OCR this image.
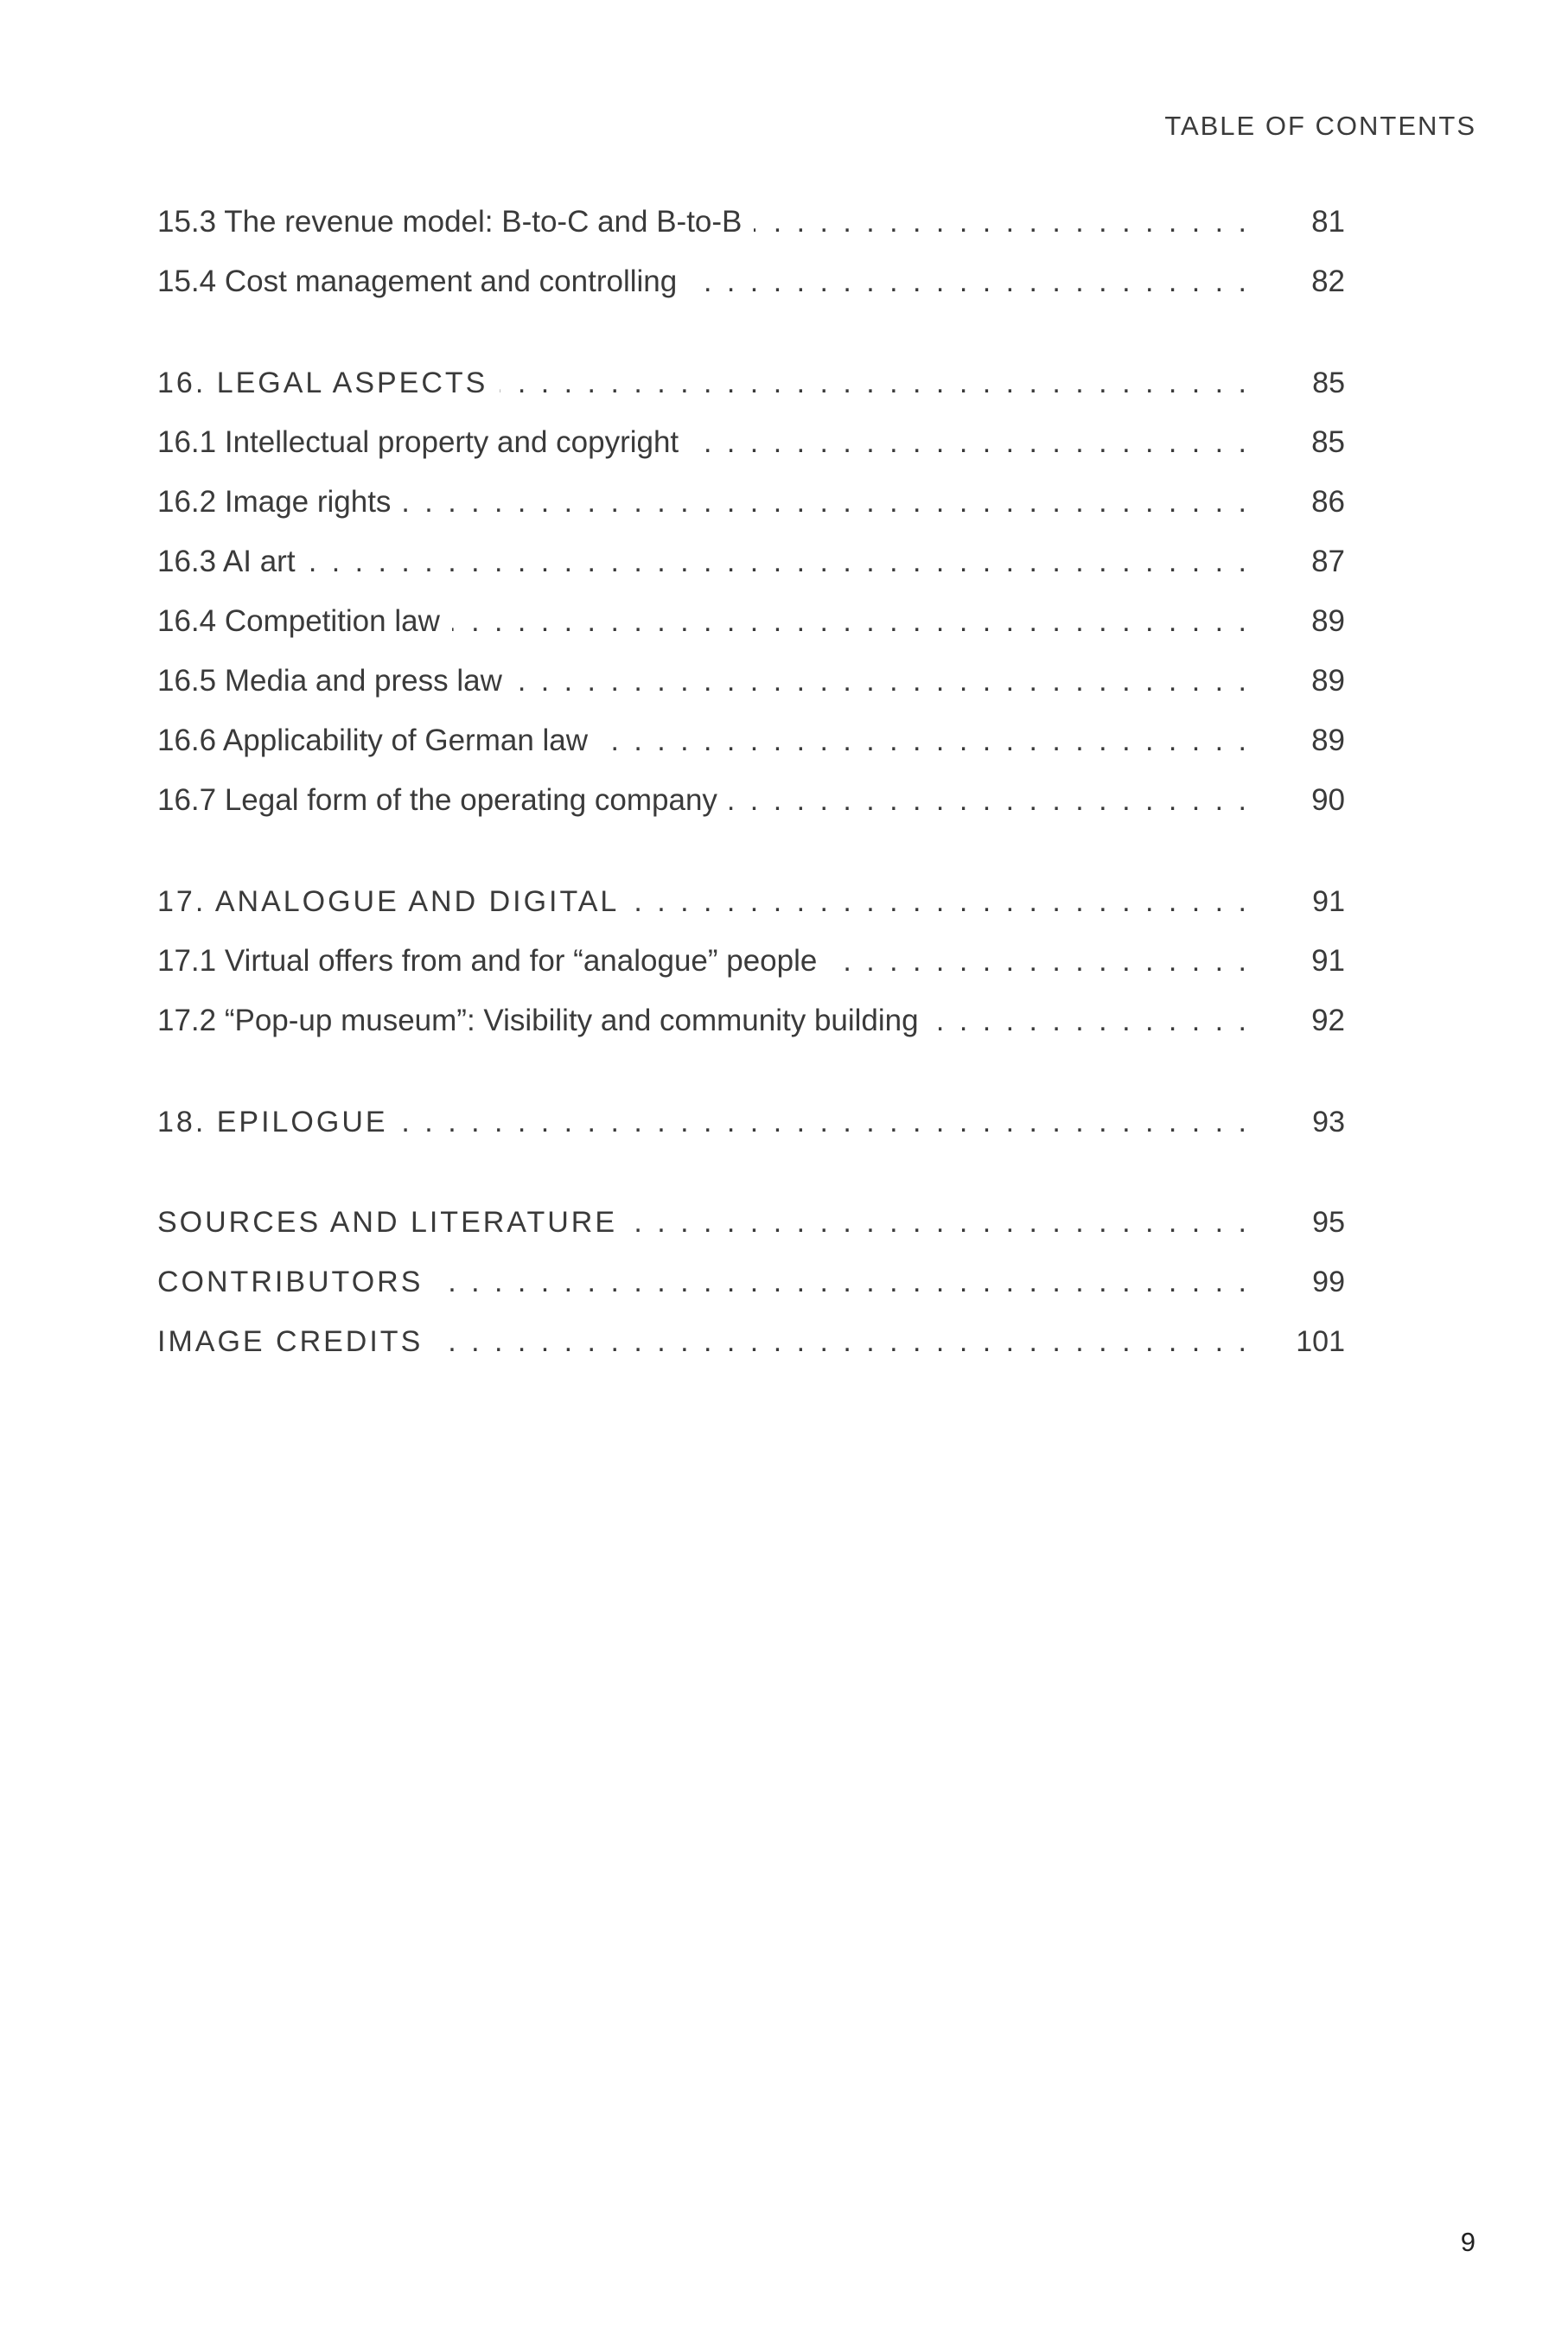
TABLE OF CONTENTS
15.3 The revenue model: B-to-C and B-to-B . . .	81
15.4 Cost management and controlling . . .	82
16. LEGAL ASPECTS . . .	85
16.1 Intellectual property and copyright . . .	85
16.2 Image rights . . .	86
16.3 AI art . . .	87
16.4 Competition law . . .	89
16.5 Media and press law . . .	89
16.6 Applicability of German law . . .	89
16.7 Legal form of the operating company . . .	90
17. ANALOGUE AND DIGITAL . . .	91
17.1 Virtual offers from and for “analogue” people . . .	91
17.2 “Pop-up museum”: Visibility and community building . . .	92
18. EPILOGUE . . .	93
SOURCES AND LITERATURE . . .	95
CONTRIBUTORS . . .	99
IMAGE CREDITS . . .	101
9
